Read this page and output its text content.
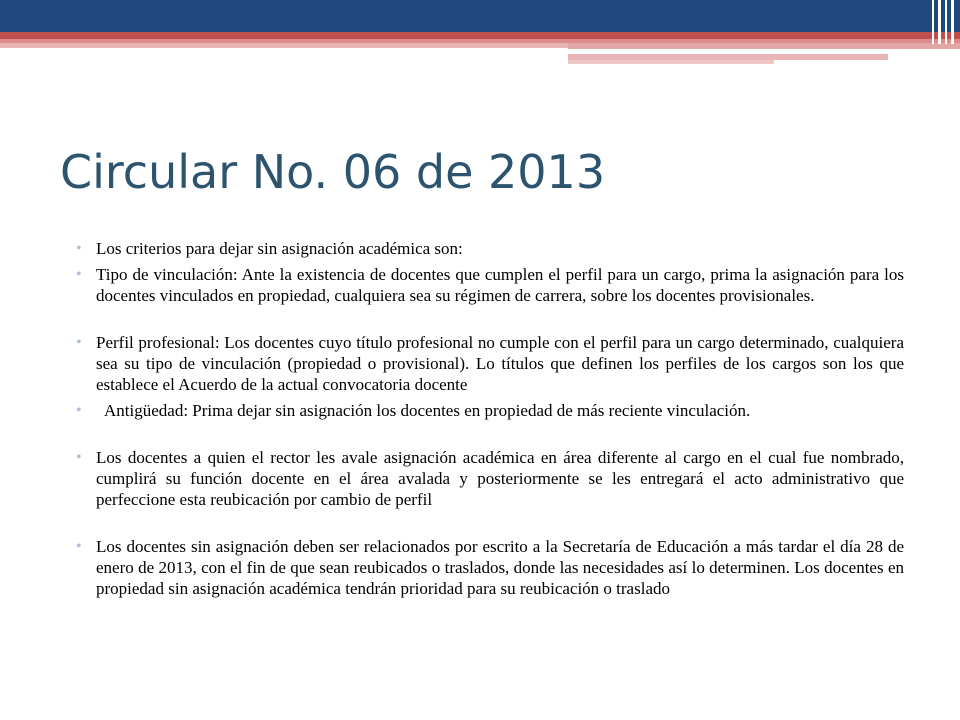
Circular No. 06 de 2013

• Los criterios para dejar sin asignación académica son:

• Tipo de vinculación: Ante la existencia de docentes que cumplen el perfil para un cargo, prima la asignación para los docentes vinculados en propiedad, cualquiera sea su régimen de carrera, sobre los docentes provisionales.

• Perfil profesional: Los docentes cuyo título profesional no cumple con el perfil para un cargo determinado, cualquiera sea su tipo de vinculación (propiedad o provisional). Lo títulos que definen los perfiles de los cargos son los que establece el Acuerdo de la actual convocatoria docente

• Antigüedad: Prima dejar sin asignación los docentes en propiedad de más reciente vinculación.

• Los docentes a quien el rector les avale asignación académica en área diferente al cargo en el cual fue nombrado, cumplirá su función docente en el área avalada y posteriormente se les entregará el acto administrativo que perfeccione esta reubicación por cambio de perfil

• Los docentes sin asignación deben ser relacionados por escrito a la Secretaría de Educación a más tardar el día 28 de enero de 2013, con el fin de que sean reubicados o traslados, donde las necesidades así lo determinen. Los docentes en propiedad sin asignación académica tendrán prioridad para su reubicación o traslado
